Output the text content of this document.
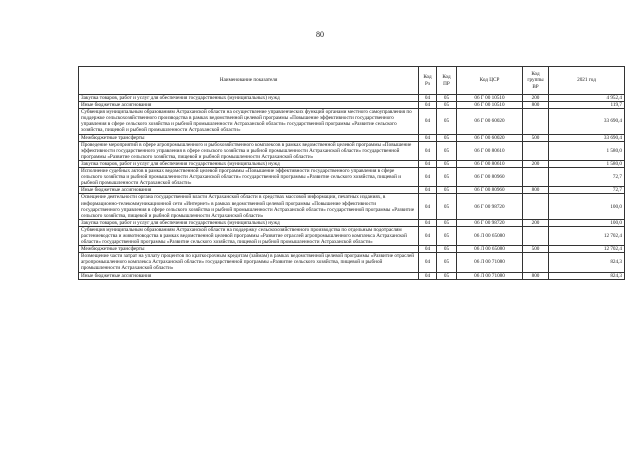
80
Наименование показателя	Код Рз	Код ПР	Код ЦСР	Код группы ВР	2021 год
Закупка товаров, работ и услуг для обеспечения государственных (муниципальных) нужд	04	05	06 Г 00 10510	200	4 952,4
Иные бюджетные ассигнования	04	05	06 Г 00 10510	800	119,7
Субвенция муниципальным образованиям Астраханской области на осуществление управленческих функций органами местного самоуправления по поддержке сельскохозяйственного производства в рамках ведомственной целевой программы «Повышение эффективности государственного управления в сфере сельского хозяйства и рыбной промышленности Астраханской области» государственной программы «Развитие сельского хозяйства, пищевой и рыбной промышленности Астраханской области»	04	05	06 Г 00 60020		33 690,4
Межбюджетные трансферты	04	05	06 Г 00 60020	500	33 690,4
Проведение мероприятий в сфере агропромышленного и рыбохозяйственного комплексов в рамках ведомственной целевой программы «Повышение эффективности государственного управления в сфере сельского хозяйства и рыбной промышленности Астраханской области» государственной программы «Развитие сельского хозяйства, пищевой и рыбной промышленности Астраханской области»	04	05	06 Г 00 80610		1 580,0
Закупка товаров, работ и услуг для обеспечения государственных (муниципальных) нужд	04	05	06 Г 00 80610	200	1 580,0
Исполнение судебных актов в рамках ведомственной целевой программы «Повышение эффективности государственного управления в сфере сельского хозяйства и рыбной промышленности Астраханской области» государственной программы «Развитие сельского хозяйства, пищевой и рыбной промышленности Астраханской области»	04	05	06 Г 00 80960		72,7
Иные бюджетные ассигнования	04	05	06 Г 00 80960	800	72,7
Освещение деятельности органа государственной власти Астраханской области в средствах массовой информации, печатных изданиях, в информационно-телекоммуникационной сети «Интернет» в рамках ведомственной целевой программы «Повышение эффективности государственного управления в сфере сельского хозяйства и рыбной промышленности Астраханской области» государственной программы «Развитие сельского хозяйства, пищевой и рыбной промышленности Астраханской области»	04	05	06 Г 00 98720		100,0
Закупка товаров, работ и услуг для обеспечения государственных (муниципальных) нужд	04	05	06 Г 00 98720	200	100,0
Субвенция муниципальным образованиям Астраханской области на поддержку сельскохозяйственного производства по отдельным подотраслям растениеводства и животноводства в рамках ведомственной целевой программы «Развитие отраслей агропромышленного комплекса Астраханской области» государственной программы «Развитие сельского хозяйства, пищевой и рыбной промышленности Астраханской области»	04	05	06 Л 00 65080		12 702,4
Межбюджетные трансферты	04	05	06 Л 00 65080	500	12 702,4
Возмещение части затрат на уплату процентов по краткосрочным кредитам (займам) в рамках ведомственной целевой программы «Развитие отраслей агропромышленного комплекса Астраханской области» государственной программы «Развитие сельского хозяйства, пищевой и рыбной промышленности Астраханской области»	04	05	06 Л 00 71080		824,3
Иные бюджетные ассигнования	04	05	06 Л 00 71080	800	824,3
